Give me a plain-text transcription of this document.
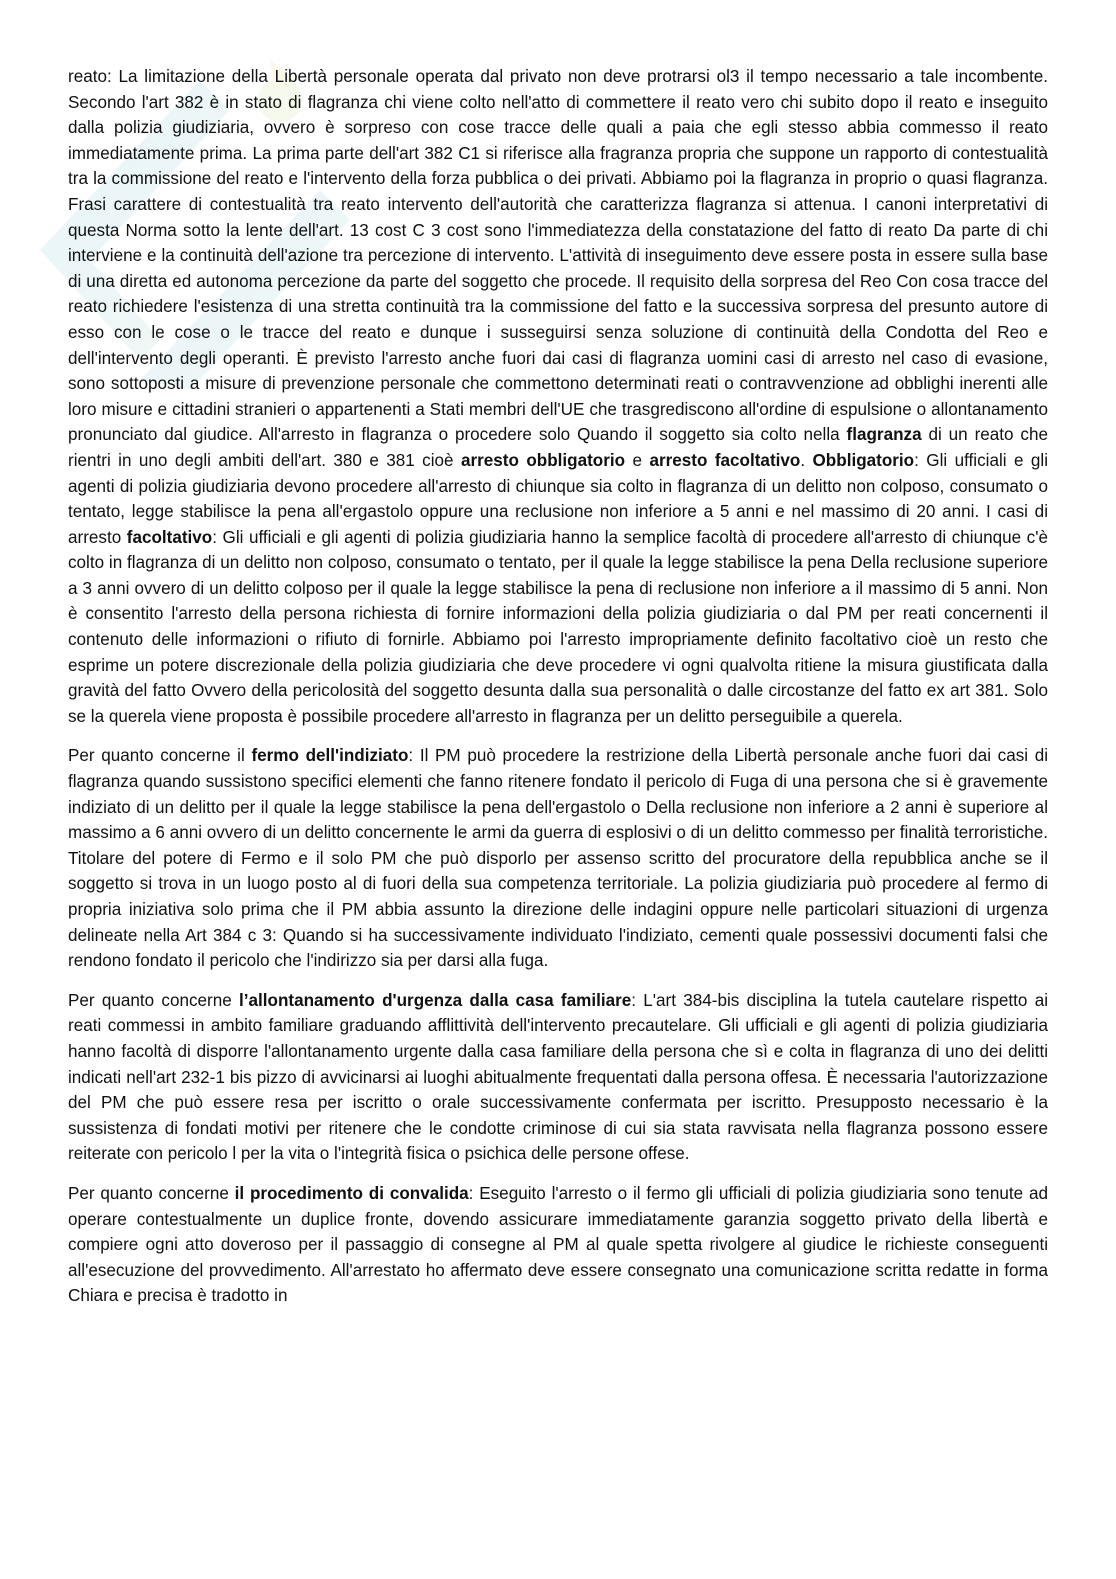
reato: La limitazione della Libertà personale operata dal privato non deve protrarsi ol3 il tempo necessario a tale incombente. Secondo l'art 382 è in stato di flagranza chi viene colto nell'atto di commettere il reato vero chi subito dopo il reato e inseguito dalla polizia giudiziaria, ovvero è sorpreso con cose tracce delle quali a paia che egli stesso abbia commesso il reato immediatamente prima. La prima parte dell'art 382 C1 si riferisce alla fragranza propria che suppone un rapporto di contestualità tra la commissione del reato e l'intervento della forza pubblica o dei privati. Abbiamo poi la flagranza in proprio o quasi flagranza. Frasi carattere di contestualità tra reato intervento dell'autorità che caratterizza flagranza si attenua. I canoni interpretativi di questa Norma sotto la lente dell'art. 13 cost C 3 cost sono l'immediatezza della constatazione del fatto di reato Da parte di chi interviene e la continuità dell'azione tra percezione di intervento. L'attività di inseguimento deve essere posta in essere sulla base di una diretta ed autonoma percezione da parte del soggetto che procede. Il requisito della sorpresa del Reo Con cosa tracce del reato richiedere l'esistenza di una stretta continuità tra la commissione del fatto e la successiva sorpresa del presunto autore di esso con le cose o le tracce del reato e dunque i susseguirsi senza soluzione di continuità della Condotta del Reo e dell'intervento degli operanti. È previsto l'arresto anche fuori dai casi di flagranza uomini casi di arresto nel caso di evasione, sono sottoposti a misure di prevenzione personale che commettono determinati reati o contravvenzione ad obblighi inerenti alle loro misure e cittadini stranieri o appartenenti a Stati membri dell'UE che trasgrediscono all'ordine di espulsione o allontanamento pronunciato dal giudice. All'arresto in flagranza o procedere solo Quando il soggetto sia colto nella flagranza di un reato che rientri in uno degli ambiti dell'art. 380 e 381 cioè arresto obbligatorio e arresto facoltativo. Obbligatorio: Gli ufficiali e gli agenti di polizia giudiziaria devono procedere all'arresto di chiunque sia colto in flagranza di un delitto non colposo, consumato o tentato, legge stabilisce la pena all'ergastolo oppure una reclusione non inferiore a 5 anni e nel massimo di 20 anni. I casi di arresto facoltativo: Gli ufficiali e gli agenti di polizia giudiziaria hanno la semplice facoltà di procedere all'arresto di chiunque c'è colto in flagranza di un delitto non colposo, consumato o tentato, per il quale la legge stabilisce la pena Della reclusione superiore a 3 anni ovvero di un delitto colposo per il quale la legge stabilisce la pena di reclusione non inferiore a il massimo di 5 anni. Non è consentito l'arresto della persona richiesta di fornire informazioni della polizia giudiziaria o dal PM per reati concernenti il contenuto delle informazioni o rifiuto di fornirle. Abbiamo poi l'arresto impropriamente definito facoltativo cioè un resto che esprime un potere discrezionale della polizia giudiziaria che deve procedere vi ogni qualvolta ritiene la misura giustificata dalla gravità del fatto Ovvero della pericolosità del soggetto desunta dalla sua personalità o dalle circostanze del fatto ex art 381. Solo se la querela viene proposta è possibile procedere all'arresto in flagranza per un delitto perseguibile a querela.

Per quanto concerne il fermo dell'indiziato: Il PM può procedere la restrizione della Libertà personale anche fuori dai casi di flagranza quando sussistono specifici elementi che fanno ritenere fondato il pericolo di Fuga di una persona che si è gravemente indiziato di un delitto per il quale la legge stabilisce la pena dell'ergastolo o Della reclusione non inferiore a 2 anni è superiore al massimo a 6 anni ovvero di un delitto concernente le armi da guerra di esplosivi o di un delitto commesso per finalità terroristiche. Titolare del potere di Fermo e il solo PM che può disporlo per assenso scritto del procuratore della repubblica anche se il soggetto si trova in un luogo posto al di fuori della sua competenza territoriale. La polizia giudiziaria può procedere al fermo di propria iniziativa solo prima che il PM abbia assunto la direzione delle indagini oppure nelle particolari situazioni di urgenza delineate nella Art 384 c 3: Quando si ha successivamente individuato l'indiziato, cementi quale possessivi documenti falsi che rendono fondato il pericolo che l'indirizzo sia per darsi alla fuga.

Per quanto concerne l’allontanamento d'urgenza dalla casa familiare: L'art 384-bis disciplina la tutela cautelare rispetto ai reati commessi in ambito familiare graduando afflittività dell'intervento precautelare. Gli ufficiali e gli agenti di polizia giudiziaria hanno facoltà di disporre l'allontanamento urgente dalla casa familiare della persona che sì e colta in flagranza di uno dei delitti indicati nell'art 232-1 bis pizzo di avvicinarsi ai luoghi abitualmente frequentati dalla persona offesa. È necessaria l'autorizzazione del PM che può essere resa per iscritto o orale successivamente confermata per iscritto. Presupposto necessario è la sussistenza di fondati motivi per ritenere che le condotte criminose di cui sia stata ravvisata nella flagranza possono essere reiterate con pericolo l per la vita o l'integrità fisica o psichica delle persone offese.

Per quanto concerne il procedimento di convalida: Eseguito l'arresto o il fermo gli ufficiali di polizia giudiziaria sono tenute ad operare contestualmente un duplice fronte, dovendo assicurare immediatamente garanzia soggetto privato della libertà e compiere ogni atto doveroso per il passaggio di consegne al PM al quale spetta rivolgere al giudice le richieste conseguenti all'esecuzione del provvedimento. All'arrestato ho affermato deve essere consegnato una comunicazione scritta redatte in forma Chiara e precisa è tradotto in
